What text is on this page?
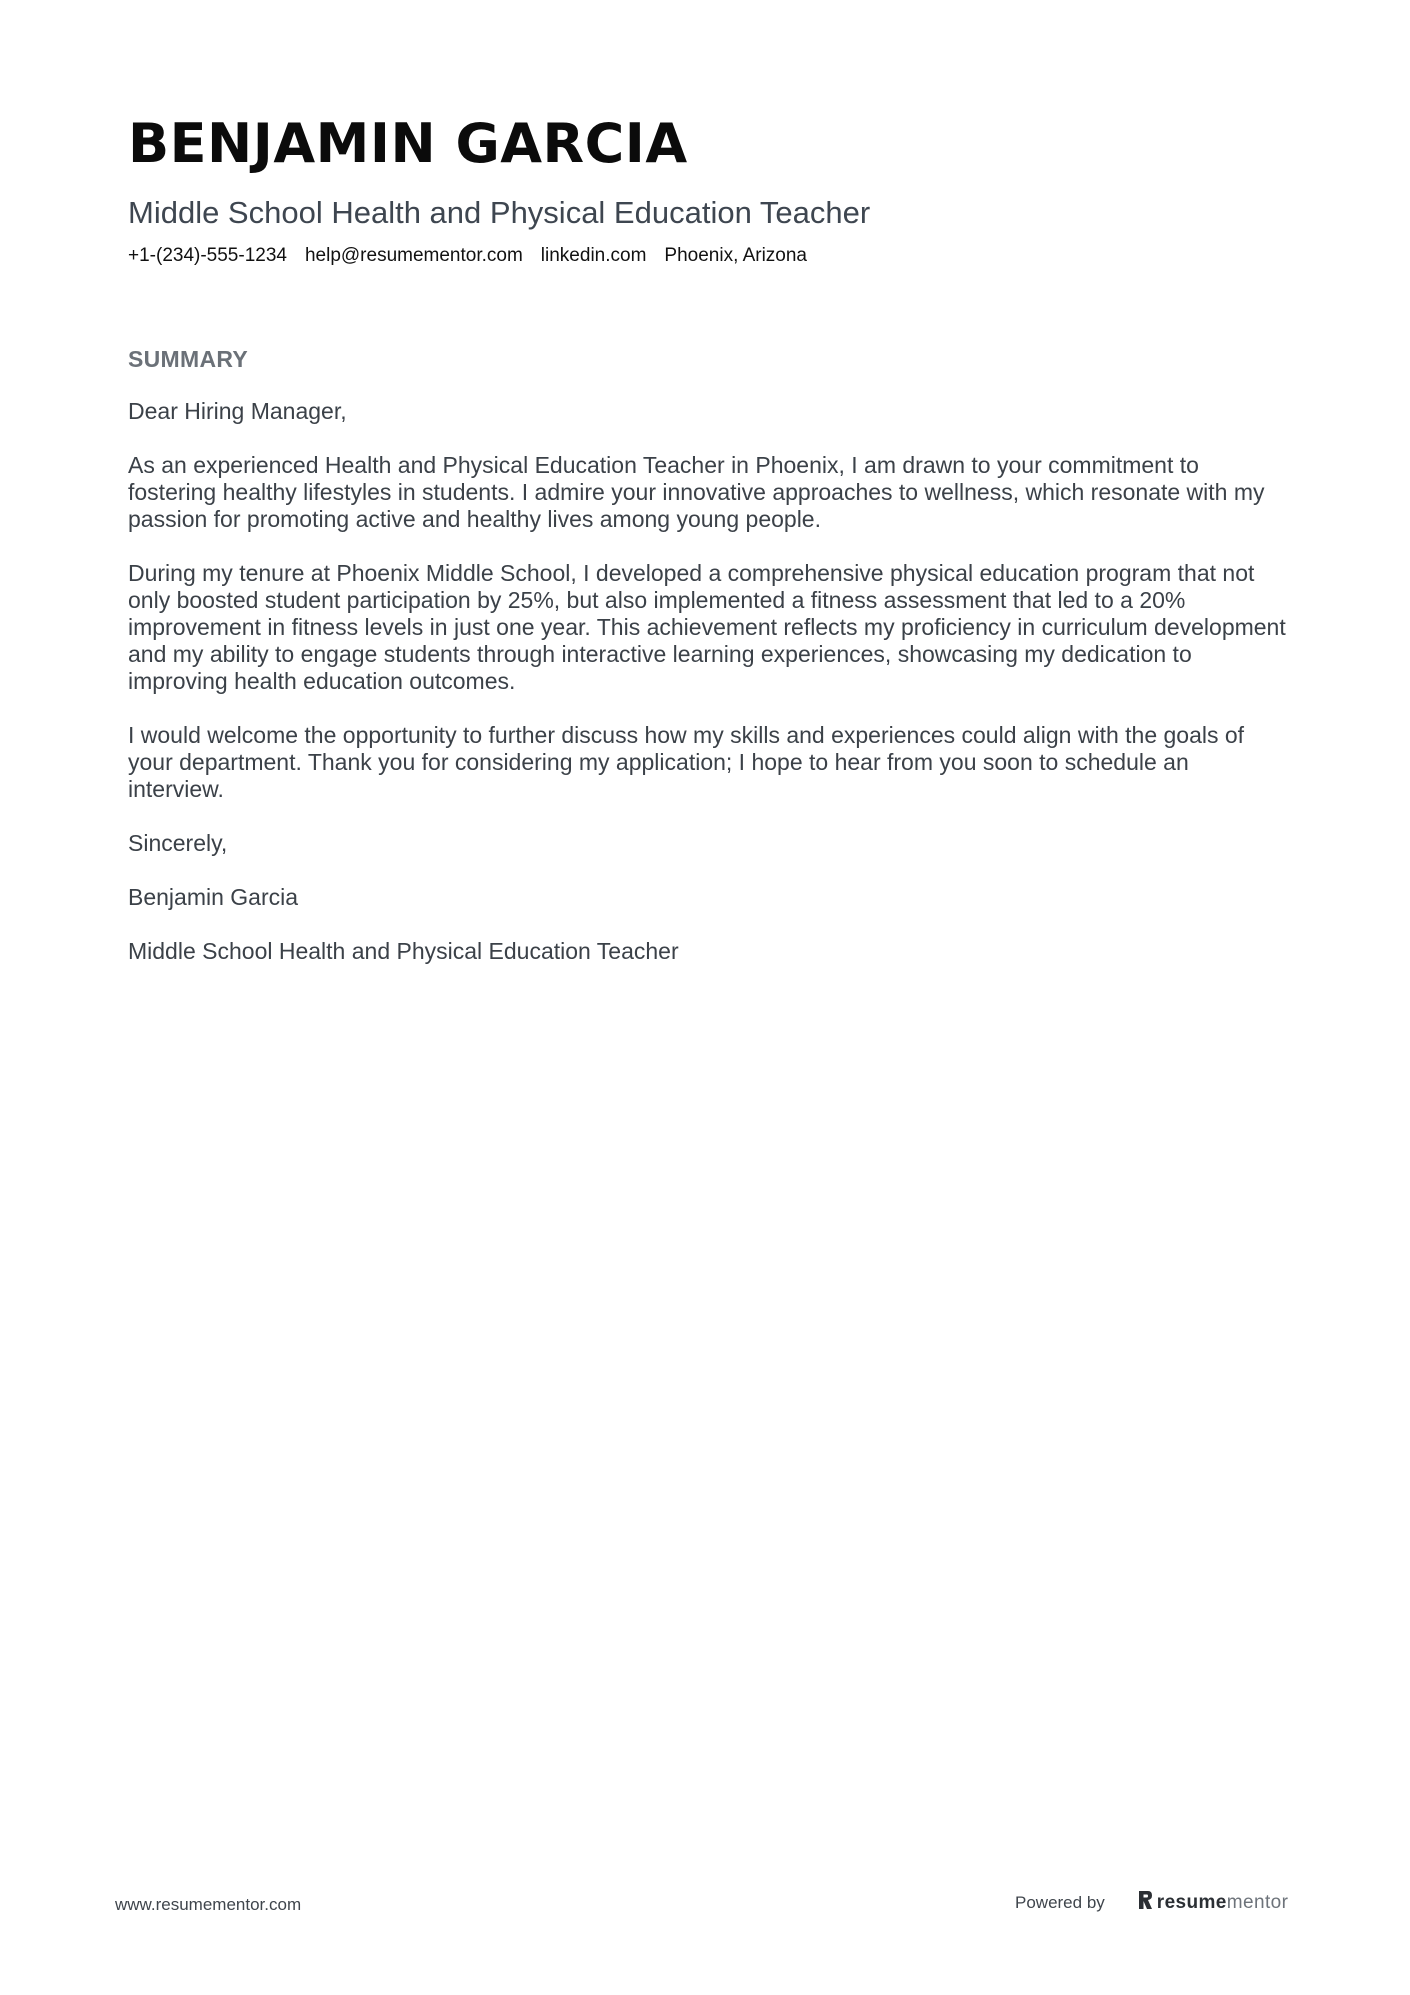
BENJAMIN GARCIA
Middle School Health and Physical Education Teacher
+1-(234)-555-1234 help@resumementor.com linkedin.com Phoenix, Arizona
SUMMARY

Dear Hiring Manager,

As an experienced Health and Physical Education Teacher in Phoenix, I am drawn to your commitment to fostering healthy lifestyles in students. I admire your innovative approaches to wellness, which resonate with my passion for promoting active and healthy lives among young people.

During my tenure at Phoenix Middle School, I developed a comprehensive physical education program that not only boosted student participation by 25%, but also implemented a fitness assessment that led to a 20% improvement in fitness levels in just one year. This achievement reflects my proficiency in curriculum development and my ability to engage students through interactive learning experiences, showcasing my dedication to improving health education outcomes.

I would welcome the opportunity to further discuss how my skills and experiences could align with the goals of your department. Thank you for considering my application; I hope to hear from you soon to schedule an interview.

Sincerely,

Benjamin Garcia

Middle School Health and Physical Education Teacher

www.resumementor.com	Powered by	resumementor
